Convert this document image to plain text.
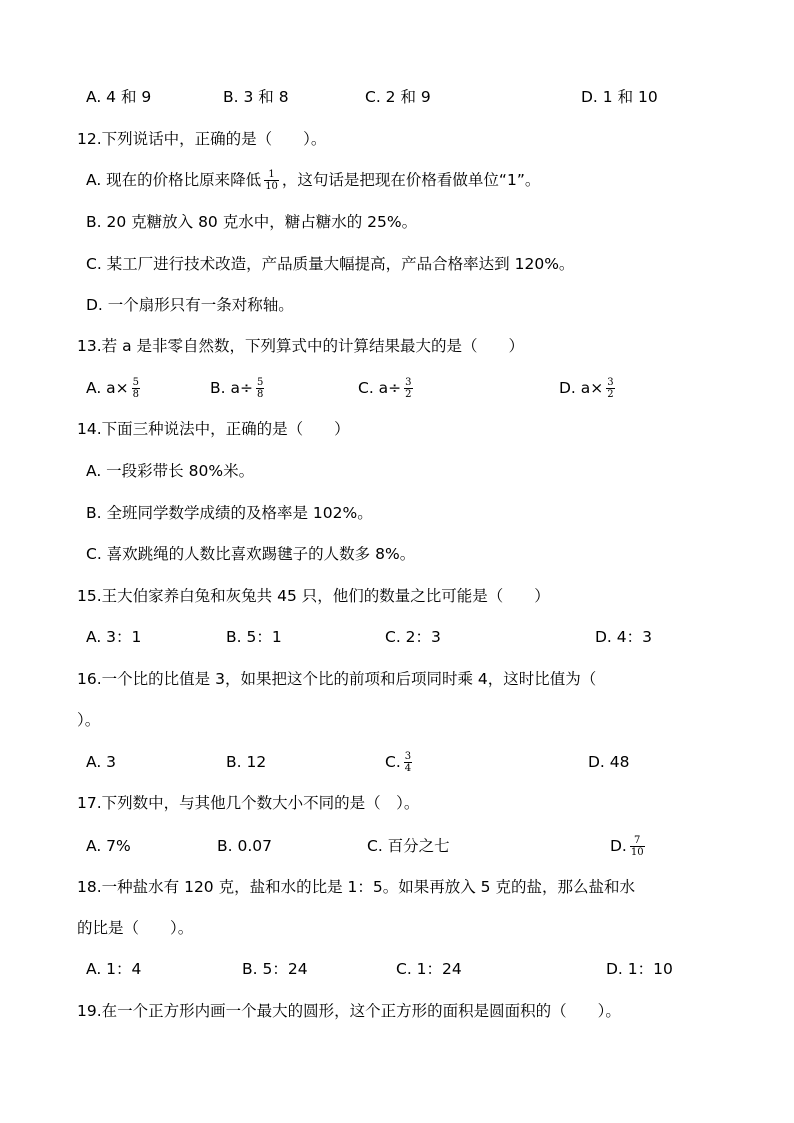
A. 4 和 9	B. 3 和 8	C. 2 和 9	D. 1 和 10
12.下列说话中，正确的是（　　）。
A. 现在的价格比原来降低 $\frac{1}{10}$ ，这句话是把现在价格看做单位“1”。
B. 20 克糖放入 80 克水中，糖占糖水的 25%。
C. 某工厂进行技术改造，产品质量大幅提高，产品合格率达到 120%。
D. 一个扇形只有一条对称轴。
13.若 a 是非零自然数，下列算式中的计算结果最大的是（　　）
A. $a\times \frac{5}{8}$	B. $a\div \frac{5}{8}$	C. $a\div \frac{3}{2}$	D. $a\times \frac{3}{2}$
14.下面三种说法中，正确的是（　　）
A. 一段彩带长 80%米。
B. 全班同学数学成绩的及格率是 102%。
C. 喜欢跳绳的人数比喜欢踢毽子的人数多 8%。
15.王大伯家养白兔和灰兔共 45 只，他们的数量之比可能是（　　）
A. 3：1	B. 5：1	C. 2：3	D. 4：3
16.一个比的比值是 3，如果把这个比的前项和后项同时乘 4，这时比值为（
）。
A. 3	B. 12	C. $\frac{3}{4}$	D. 48
17.下列数中，与其他几个数大小不同的是（　）。
A. 7%	B. 0.07	C. 百分之七	D. $\frac{7}{10}$
18.一种盐水有 120 克，盐和水的比是 1：5。如果再放入 5 克的盐，那么盐和水
的比是（　　）。
A. 1：4	B. 5：24	C. 1：24	D. 1：10
19.在一个正方形内画一个最大的圆形，这个正方形的面积是圆面积的（　　）。
